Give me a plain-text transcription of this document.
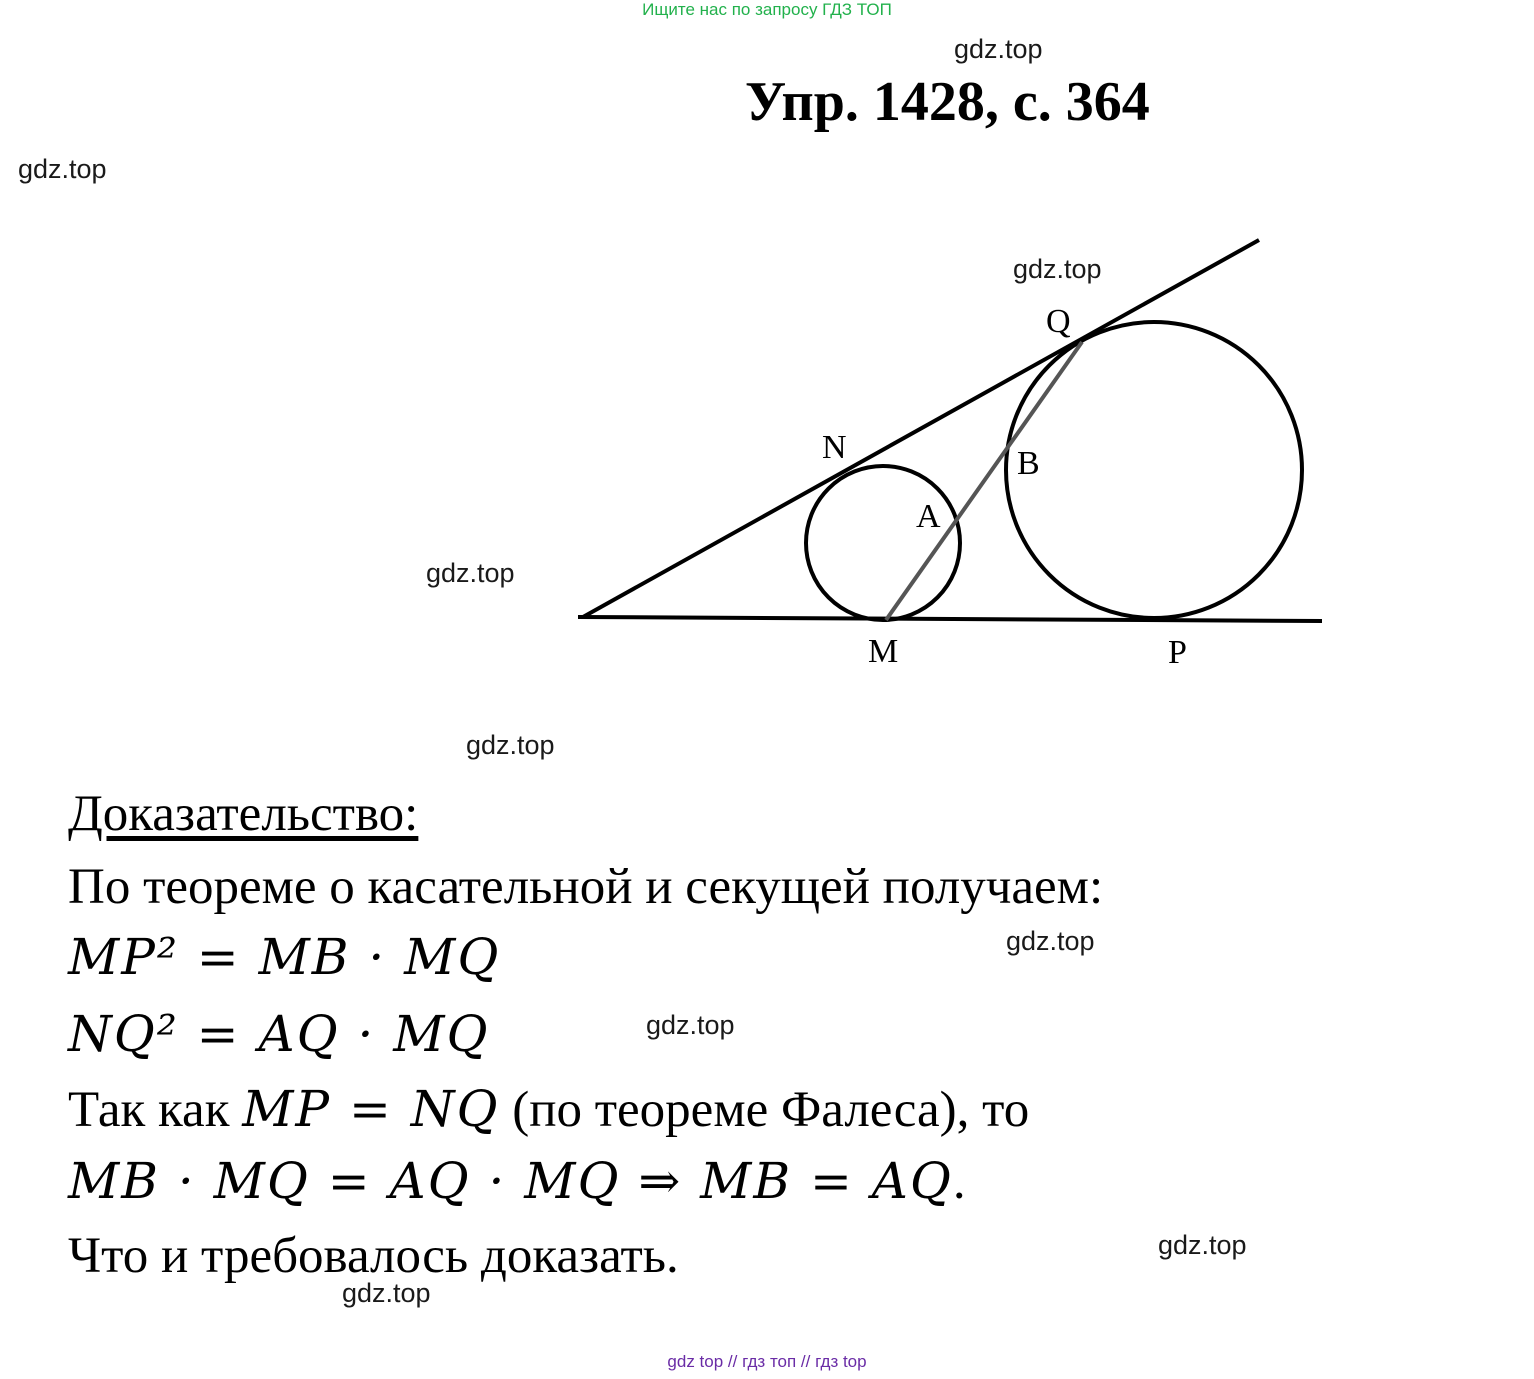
Ищите нас по запросу ГДЗ ТОП
gdz.top
Упр. 1428, с. 364
gdz.top
gdz.top
gdz.top
gdz.top
Q
N	B
A
M	P
Доказательство:
По теореме о касательной и секущей получаем:
MP² = MB · MQ	gdz.top
NQ² = AQ · MQ	gdz.top
Так как MP = NQ (по теореме Фалеса), то
MB · MQ = AQ · MQ ⇒ MB = AQ.
Что и требовалось доказать.	gdz.top
gdz.top
gdz top // гдз топ // гдз top
